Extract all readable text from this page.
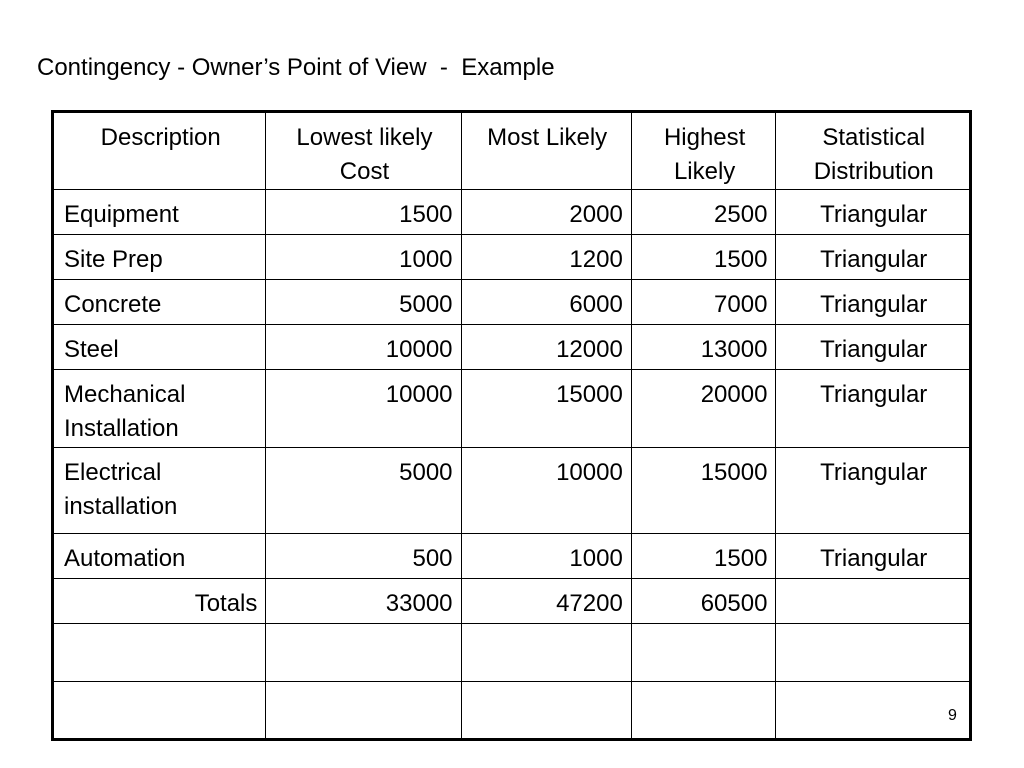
Contingency - Owner’s Point of View  -  Example
Description	Lowest likely Cost	Most Likely	Highest Likely	Statistical Distribution
Equipment	1500	2000	2500	Triangular
Site Prep	1000	1200	1500	Triangular
Concrete	5000	6000	7000	Triangular
Steel	10000	12000	13000	Triangular
Mechanical Installation	10000	15000	20000	Triangular
Electrical installation	5000	10000	15000	Triangular
Automation	500	1000	1500	Triangular
Totals	33000	47200	60500	

9
